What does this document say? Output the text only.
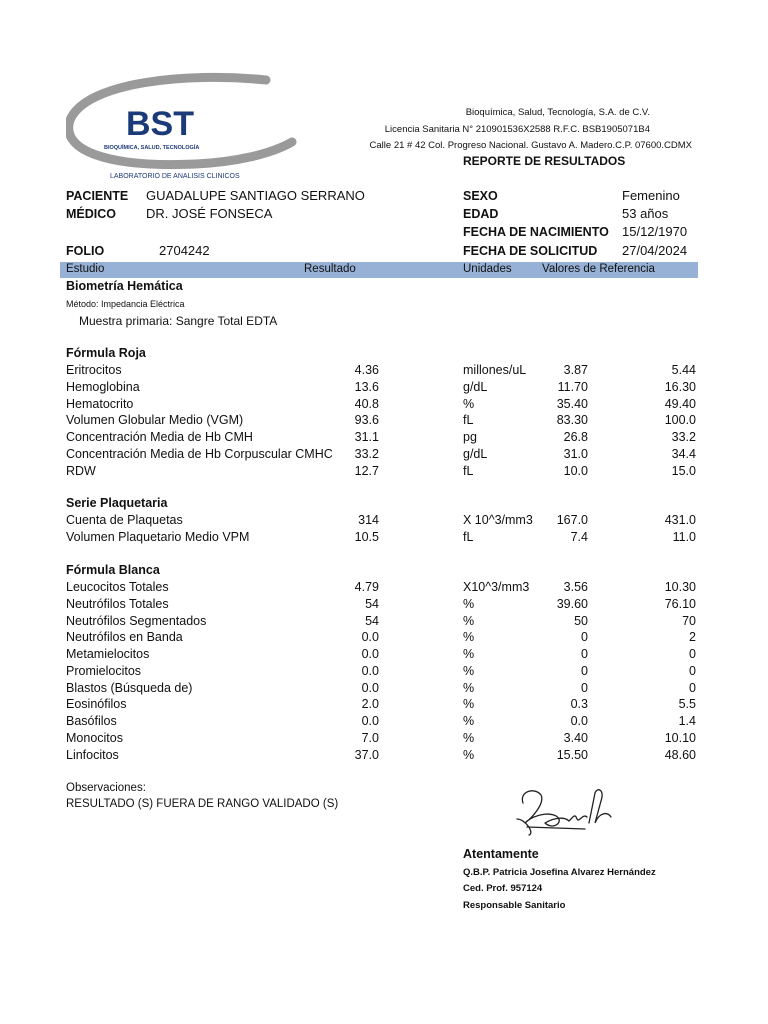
BST
BIOQUÍMICA, SALUD, TECNOLOGÍA
LABORATORIO DE ANALISIS CLINICOS
Bioquímica, Salud, Tecnología, S.A. de C.V.
Licencia Sanitaria N° 210901536X2588 R.F.C. BSB1905071B4
Calle 21 # 42 Col. Progreso Nacional. Gustavo A. Madero.C.P. 07600.CDMX
REPORTE DE RESULTADOS
PACIENTE GUADALUPE SANTIAGO SERRANO
MÉDICO DR. JOSÉ FONSECA
FOLIO	2704242
SEXO	Femenino
EDAD	53 años
FECHA DE NACIMIENTO 15/12/1970
FECHA DE SOLICITUD 27/04/2024
Estudio	Resultado	Unidades	Valores de Referencia
Biometría Hemática
Método: Impedancia Eléctrica
Muestra primaria: Sangre Total EDTA
Fórmula Roja
Eritrocitos	4.36	millones/uL	3.87	5.44
Hemoglobina	13.6	g/dL	11.70	16.30
Hematocrito	40.8	%	35.40	49.40
Volumen Globular Medio (VGM)	93.6	fL	83.30	100.0
Concentración Media de Hb CMH	31.1	pg	26.8	33.2
Concentración Media de Hb Corpuscular CMHC 33.2	g/dL	31.0	34.4
RDW	12.7	fL	10.0	15.0
Serie Plaquetaria
Cuenta de Plaquetas	314	X 10^3/mm3 167.0	431.0
Volumen Plaquetario Medio VPM	10.5	fL	7.4	11.0
Fórmula Blanca
Leucocitos Totales	4.79	X10^3/mm3	3.56	10.30
Neutrófilos Totales	54	%	39.60	76.10
Neutrófilos Segmentados	54	%	50	70
Neutrófilos en Banda	0.0	%	0	2
Metamielocitos	0.0	%	0	0
Promielocitos	0.0	%	0	0
Blastos (Búsqueda de)	0.0	%	0	0
Eosinófilos	2.0	%	0.3	5.5
Basófilos	0.0	%	0.0	1.4
Monocitos	7.0	%	3.40	10.10
Linfocitos	37.0	%	15.50	48.60
Observaciones:
RESULTADO (S) FUERA DE RANGO VALIDADO (S)
Atentamente
Q.B.P. Patricia Josefina Alvarez Hernández
Ced. Prof. 957124
Responsable Sanitario
